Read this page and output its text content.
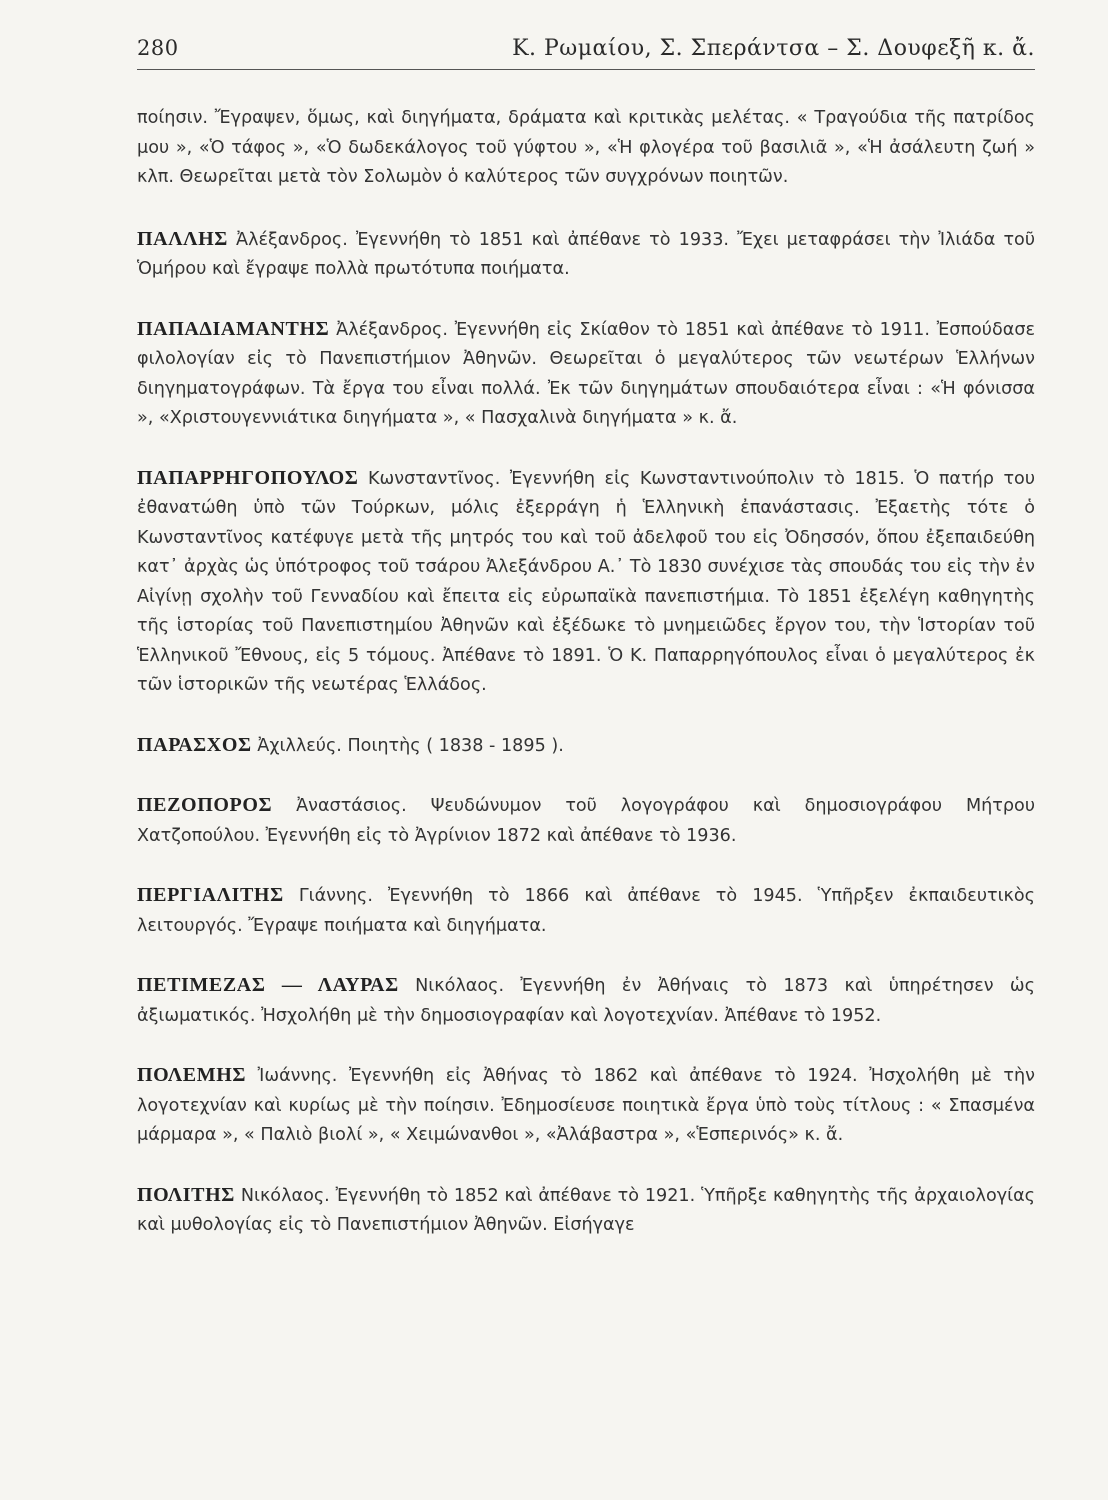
280	Κ. Ρωμαίου, Σ. Σπεράντσα – Σ. Δουφεξῆ κ. ἄ.

ποίησιν. Ἔγραψεν, ὅμως, καὶ διηγήματα, δράματα καὶ κριτικὰς μελέτας. « Τραγούδια τῆς πατρίδος μου », «Ὁ τάφος », «Ὁ δωδεκάλογος τοῦ γύφτου », «Ἡ φλογέρα τοῦ βασιλιᾶ », «Ἡ ἀσάλευτη ζωή » κλπ. Θεωρεῖται μετὰ τὸν Σολωμὸν ὁ καλύτερος τῶν συγχρόνων ποιητῶν.

ΠΑΛΛΗΣ Ἀλέξανδρος. Ἐγεννήθη τὸ 1851 καὶ ἀπέθανε τὸ 1933. Ἔχει μεταφράσει τὴν Ἰλιάδα τοῦ Ὁμήρου καὶ ἔγραψε πολλὰ πρωτότυπα ποιήματα.

ΠΑΠΑΔΙΑΜΑΝΤΗΣ Ἀλέξανδρος. Ἐγεννήθη εἰς Σκίαθον τὸ 1851 καὶ ἀπέθανε τὸ 1911. Ἐσπούδασε φιλολογίαν εἰς τὸ Πανεπιστήμιον Ἀθηνῶν. Θεωρεῖται ὁ μεγαλύτερος τῶν νεωτέρων Ἑλλήνων διηγηματογράφων. Τὰ ἔργα του εἶναι πολλά. Ἐκ τῶν διηγημάτων σπουδαιότερα εἶναι : «Ἡ φόνισσα », «Χριστουγεννιάτικα διηγήματα », « Πασχαλινὰ διηγήματα » κ. ἄ.

ΠΑΠΑΡΡΗΓΟΠΟΥΛΟΣ Κωνσταντῖνος. Ἐγεννήθη εἰς Κωνσταντινούπολιν τὸ 1815. Ὁ πατήρ του ἐθανατώθη ὑπὸ τῶν Τούρκων, μόλις ἐξερράγη ἡ Ἑλληνικὴ ἐπανάστασις. Ἐξαετὴς τότε ὁ Κωνσταντῖνος κατέφυγε μετὰ τῆς μητρός του καὶ τοῦ ἀδελφοῦ του εἰς Ὀδησσόν, ὅπου ἐξεπαιδεύθη κατ᾽ ἀρχὰς ὡς ὑπότροφος τοῦ τσάρου Ἀλεξάνδρου Α.᾽ Τὸ 1830 συνέχισε τὰς σπουδάς του εἰς τὴν ἐν Αἰγίνῃ σχολὴν τοῦ Γενναδίου καὶ ἔπειτα εἰς εὐρωπαϊκὰ πανεπιστήμια. Τὸ 1851 ἐξελέγη καθηγητὴς τῆς ἱστορίας τοῦ Πανεπιστημίου Ἀθηνῶν καὶ ἐξέδωκε τὸ μνημειῶδες ἔργον του, τὴν Ἱστορίαν τοῦ Ἑλληνικοῦ Ἔθνους, εἰς 5 τόμους. Ἀπέθανε τὸ 1891. Ὁ Κ. Παπαρρηγόπουλος εἶναι ὁ μεγαλύτερος ἐκ τῶν ἱστορικῶν τῆς νεωτέρας Ἑλλάδος.

ΠΑΡΑΣΧΟΣ Ἀχιλλεύς. Ποιητὴς ( 1838 - 1895 ).

ΠΕΖΟΠΟΡΟΣ Ἀναστάσιος. Ψευδώνυμον τοῦ λογογράφου καὶ δημοσιογράφου Μήτρου Χατζοπούλου. Ἐγεννήθη εἰς τὸ Ἀγρίνιον 1872 καὶ ἀπέθανε τὸ 1936.

ΠΕΡΓΙΑΛΙΤΗΣ Γιάννης. Ἐγεννήθη τὸ 1866 καὶ ἀπέθανε τὸ 1945. Ὑπῆρξεν ἐκπαιδευτικὸς λειτουργός. Ἔγραψε ποιήματα καὶ διηγήματα.

ΠΕΤΙΜΕΖΑΣ — ΛΑΥΡΑΣ Νικόλαος. Ἐγεννήθη ἐν Ἀθήναις τὸ 1873 καὶ ὑπηρέτησεν ὡς ἀξιωματικός. Ἠσχολήθη μὲ τὴν δημοσιογραφίαν καὶ λογοτεχνίαν. Ἀπέθανε τὸ 1952.

ΠΟΛΕΜΗΣ Ἰωάννης. Ἐγεννήθη εἰς Ἀθήνας τὸ 1862 καὶ ἀπέθανε τὸ 1924. Ἠσχολήθη μὲ τὴν λογοτεχνίαν καὶ κυρίως μὲ τὴν ποίησιν. Ἐδημοσίευσε ποιητικὰ ἔργα ὑπὸ τοὺς τίτλους : « Σπασμένα μάρμαρα », « Παλιὸ βιολί », « Χειμώνανθοι », «Ἀλάβαστρα », «Ἑσπερινός» κ. ἄ.

ΠΟΛΙΤΗΣ Νικόλαος. Ἐγεννήθη τὸ 1852 καὶ ἀπέθανε τὸ 1921. Ὑπῆρξε καθηγητὴς τῆς ἀρχαιολογίας καὶ μυθολογίας εἰς τὸ Πανεπιστήμιον Ἀθηνῶν. Εἰσήγαγε
